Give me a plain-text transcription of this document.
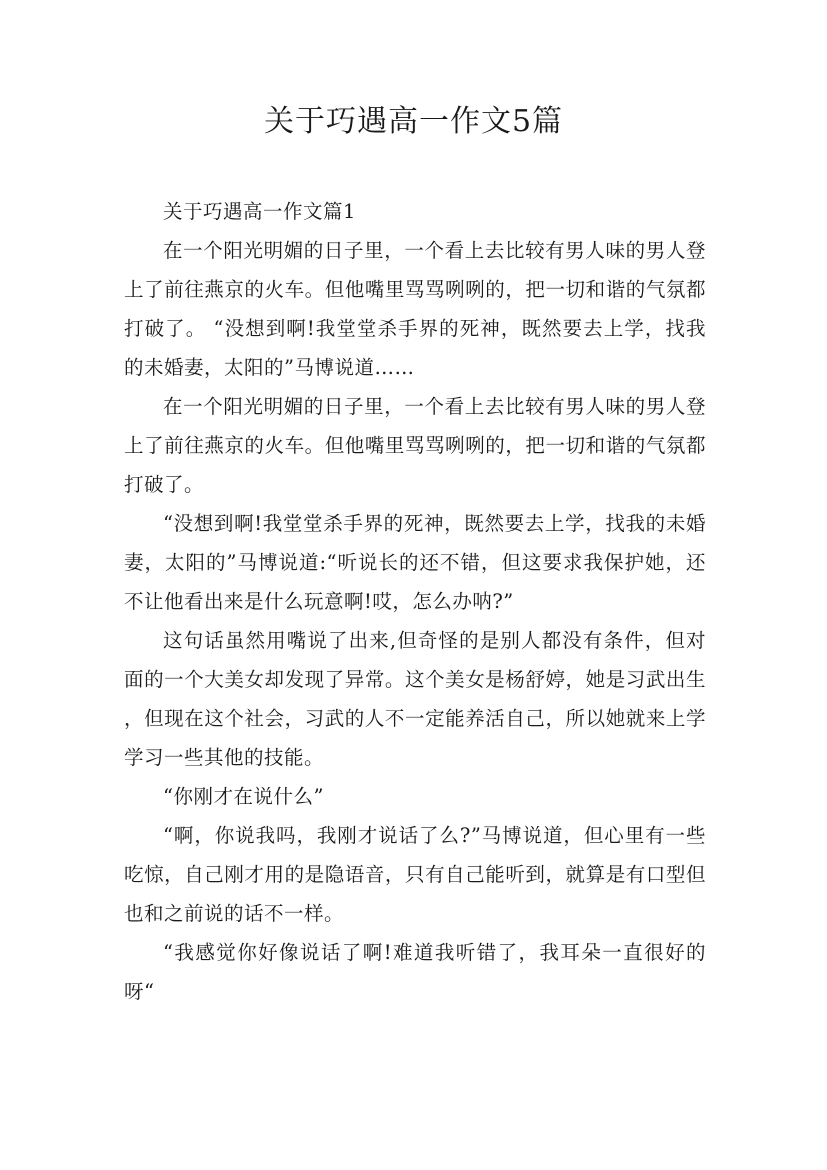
关于巧遇高一作文5篇

关于巧遇高一作文篇1

在一个阳光明媚的日子里，一个看上去比较有男人味的男人登上了前往燕京的火车。但他嘴里骂骂咧咧的，把一切和谐的气氛都打破了。 “没想到啊!我堂堂杀手界的死神，既然要去上学，找我的未婚妻，太阳的”马博说道……

在一个阳光明媚的日子里，一个看上去比较有男人味的男人登上了前往燕京的火车。但他嘴里骂骂咧咧的，把一切和谐的气氛都打破了。

“没想到啊!我堂堂杀手界的死神，既然要去上学，找我的未婚妻，太阳的”马博说道:“听说长的还不错，但这要求我保护她，还不让他看出来是什么玩意啊!哎，怎么办呐?”

这句话虽然用嘴说了出来,但奇怪的是别人都没有条件，但对面的一个大美女却发现了异常。这个美女是杨舒婷，她是习武出生 ，但现在这个社会，习武的人不一定能养活自己，所以她就来上学学习一些其他的技能。

“你刚才在说什么”

“啊，你说我吗，我刚才说话了么?”马博说道，但心里有一些吃惊，自己刚才用的是隐语音，只有自己能听到，就算是有口型但也和之前说的话不一样。

“我感觉你好像说话了啊!难道我听错了，我耳朵一直很好的呀“
